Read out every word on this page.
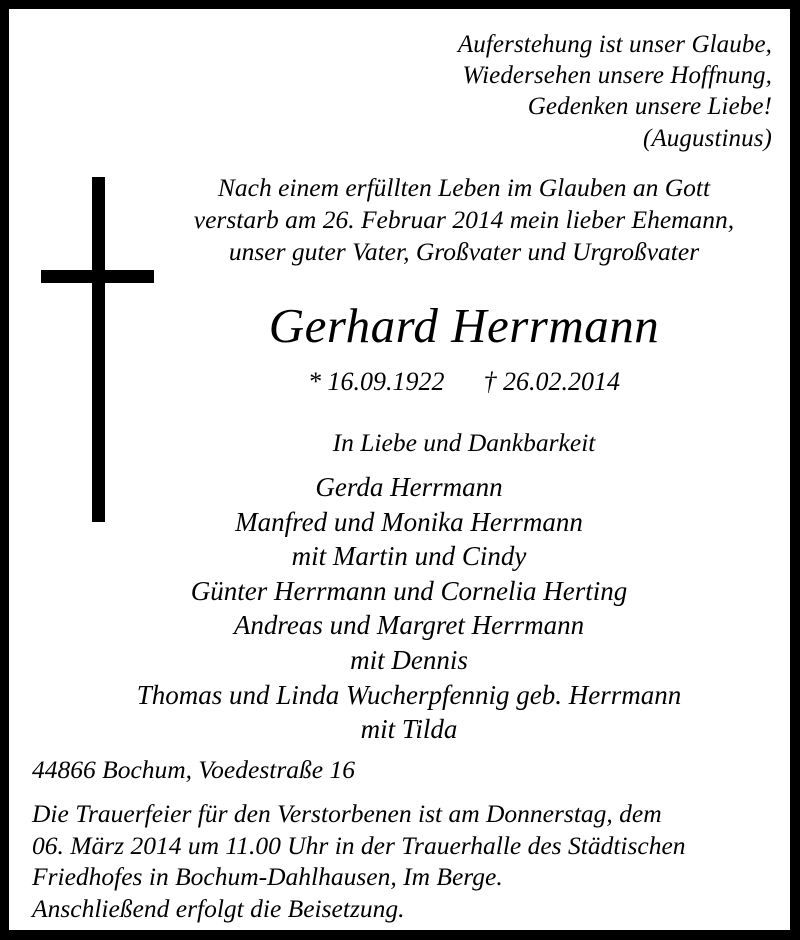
Auferstehung ist unser Glaube,
Wiedersehen unsere Hoffnung,
Gedenken unsere Liebe!
(Augustinus)
Nach einem erfüllten Leben im Glauben an Gott
verstarb am 26. Februar 2014 mein lieber Ehemann,
unser guter Vater, Großvater und Urgroßvater
Gerhard Herrmann
* 16.09.1922 † 26.02.2014
In Liebe und Dankbarkeit
Gerda Herrmann
Manfred und Monika Herrmann
mit Martin und Cindy
Günter Herrmann und Cornelia Herting
Andreas und Margret Herrmann
mit Dennis
Thomas und Linda Wucherpfennig geb. Herrmann
mit Tilda
44866 Bochum, Voedestraße 16

Die Trauerfeier für den Verstorbenen ist am Donnerstag, dem

06. März 2014 um 11.00 Uhr in der Trauerhalle des Städtischen

Friedhofes in Bochum-Dahlhausen, Im Berge.

Anschließend erfolgt die Beisetzung.
